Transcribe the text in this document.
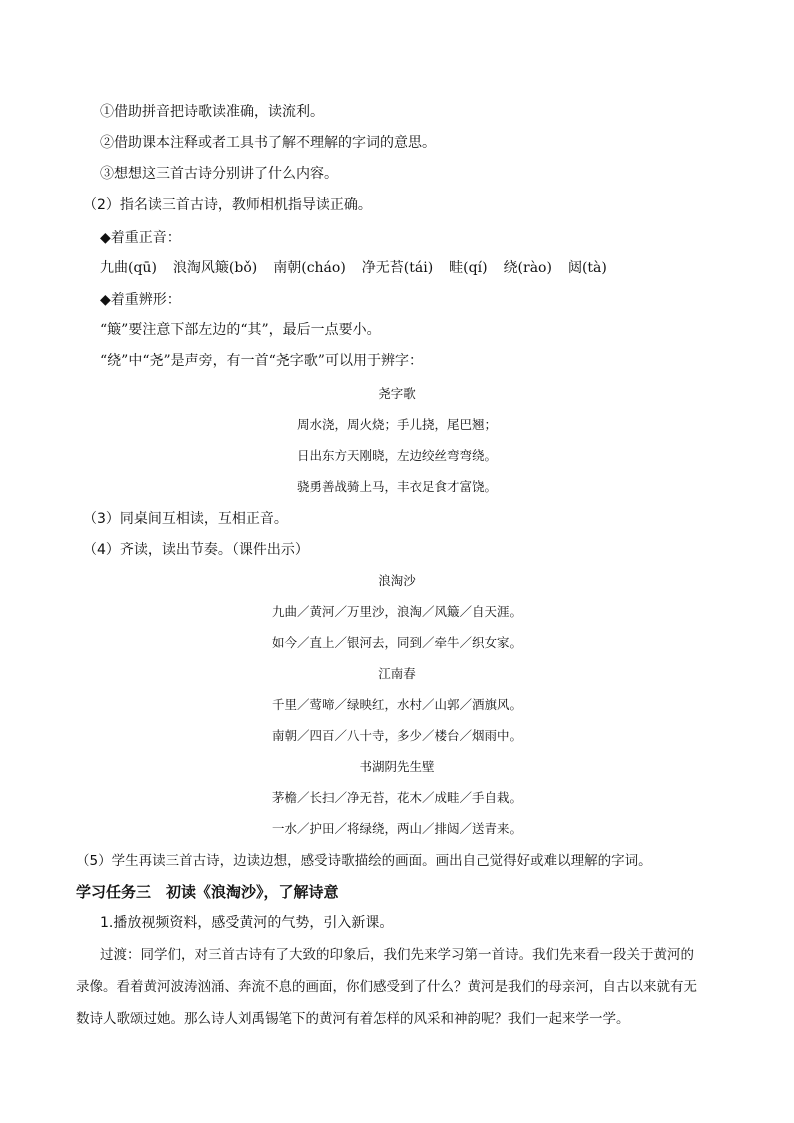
①借助拼音把诗歌读准确，读流利。
②借助课本注释或者工具书了解不理解的字词的意思。
③想想这三首古诗分别讲了什么内容。
（2）指名读三首古诗，教师相机指导读正确。
◆着重正音：
九曲(qū) 浪淘风簸(bǒ) 南朝(cháo) 净无苔(tái) 畦(qí) 绕(rào) 闼(tà)
◆着重辨形：
“簸”要注意下部左边的“其”，最后一点要小。
“绕”中“尧”是声旁，有一首“尧字歌”可以用于辨字：
尧字歌
周水浇，周火烧；手儿挠，尾巴翘；
日出东方天刚晓，左边绞丝弯弯绕。
骁勇善战骑上马，丰衣足食才富饶。
（3）同桌间互相读，互相正音。
（4）齐读，读出节奏。（课件出示）
浪淘沙
九曲／黄河／万里沙，浪淘／风簸／自天涯。
如今／直上／银河去，同到／牵牛／织女家。
江南春
千里／莺啼／绿映红，水村／山郭／酒旗风。
南朝／四百／八十寺，多少／楼台／烟雨中。
书湖阴先生壁
茅檐／长扫／净无苔，花木／成畦／手自栽。
一水／护田／将绿绕，两山／排闼／送青来。
（5）学生再读三首古诗，边读边想，感受诗歌描绘的画面。画出自己觉得好或难以理解的字词。
学习任务三　初读《浪淘沙》，了解诗意
1.播放视频资料，感受黄河的气势，引入新课。
过渡：同学们，对三首古诗有了大致的印象后，我们先来学习第一首诗。我们先来看一段关于黄河的
录像。看着黄河波涛汹涌、奔流不息的画面，你们感受到了什么？黄河是我们的母亲河，自古以来就有无
数诗人歌颂过她。那么诗人刘禹锡笔下的黄河有着怎样的风采和神韵呢？我们一起来学一学。
